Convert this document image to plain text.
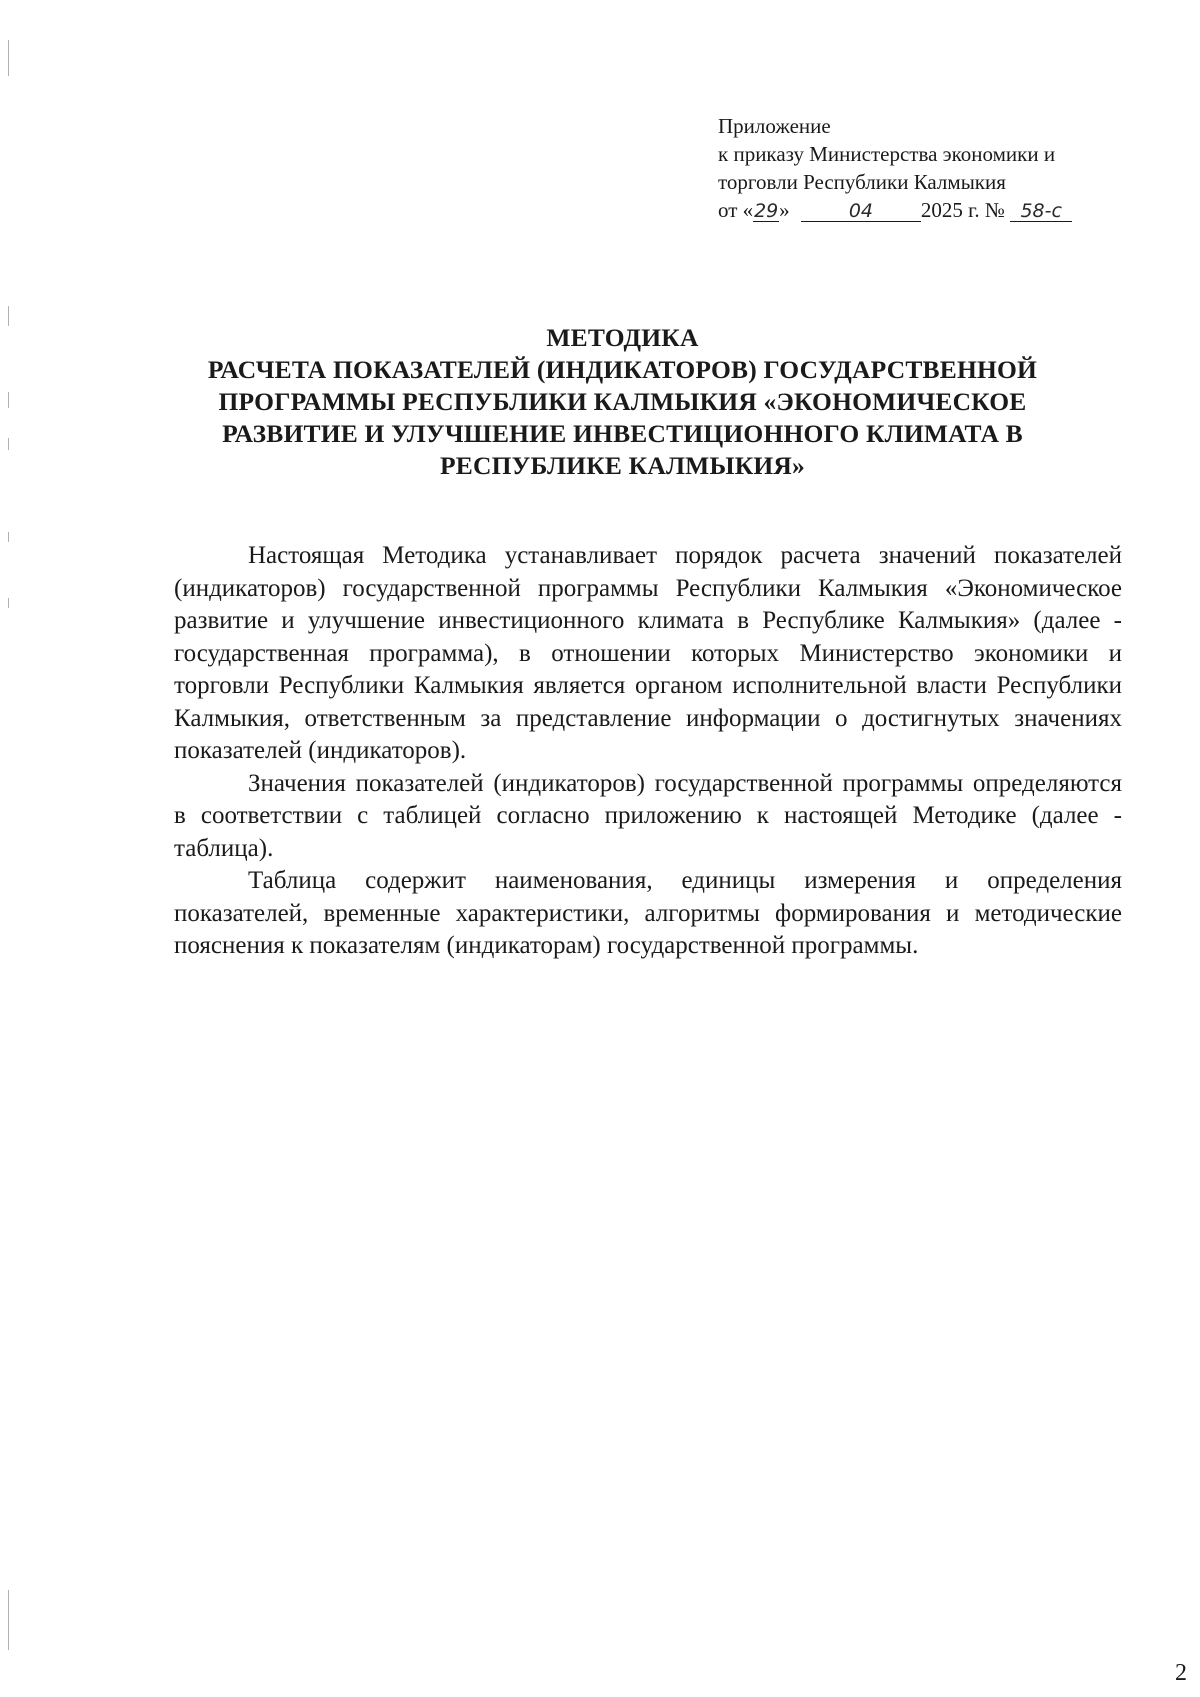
Приложение
к приказу Министерства экономики и
торговли Республики Калмыкия
от «29»	04 2025 г. № 58-с
МЕТОДИКА
РАСЧЕТА ПОКАЗАТЕЛЕЙ (ИНДИКАТОРОВ) ГОСУДАРСТВЕННОЙ
ПРОГРАММЫ РЕСПУБЛИКИ КАЛМЫКИЯ «ЭКОНОМИЧЕСКОЕ
РАЗВИТИЕ И УЛУЧШЕНИЕ ИНВЕСТИЦИОННОГО КЛИМАТА В
РЕСПУБЛИКЕ КАЛМЫКИЯ»

Настоящая Методика устанавливает порядок расчета значений показателей (индикаторов) государственной программы Республики Калмыкия «Экономическое развитие и улучшение инвестиционного климата в Республике Калмыкия» (далее - государственная программа), в отношении которых Министерство экономики и торговли Республики Калмыкия является органом исполнительной власти Республики Калмыкия, ответственным за представление информации о достигнутых значениях показателей (индикаторов).

Значения показателей (индикаторов) государственной программы определяются в соответствии с таблицей согласно приложению к настоящей Методике (далее - таблица).

Таблица содержит наименования, единицы измерения и определения показателей, временные характеристики, алгоритмы формирования и методические пояснения к показателям (индикаторам) государственной программы.

2
